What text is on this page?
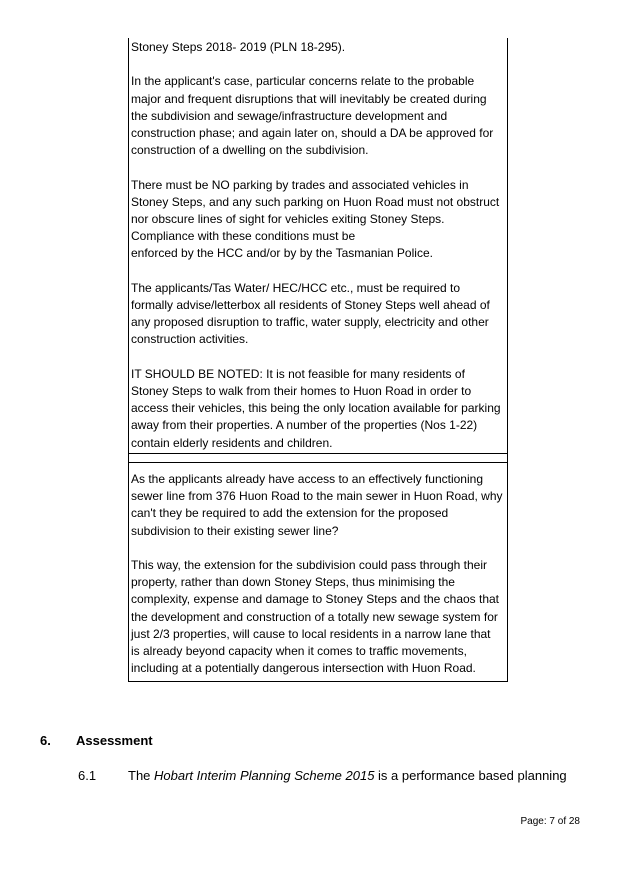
Stoney Steps 2018- 2019 (PLN 18-295).
In the applicant's case, particular concerns relate to the probable
major and frequent disruptions that will inevitably be created during
the subdivision and sewage/infrastructure development and
construction phase; and again later on, should a DA be approved for
construction of a dwelling on the subdivision.
There must be NO parking by trades and associated vehicles in
Stoney Steps, and any such parking on Huon Road must not obstruct
nor obscure lines of sight for vehicles exiting Stoney Steps.
Compliance with these conditions must be
enforced by the HCC and/or by by the Tasmanian Police.
The applicants/Tas Water/ HEC/HCC etc., must be required to
formally advise/letterbox all residents of Stoney Steps well ahead of
any proposed disruption to traffic, water supply, electricity and other
construction activities.
IT SHOULD BE NOTED: It is not feasible for many residents of
Stoney Steps to walk from their homes to Huon Road in order to
access their vehicles, this being the only location available for parking
away from their properties. A number of the properties (Nos 1-22)
contain elderly residents and children.
As the applicants already have access to an effectively functioning
sewer line from 376 Huon Road to the main sewer in Huon Road, why
can't they be required to add the extension for the proposed
subdivision to their existing sewer line?
This way, the extension for the subdivision could pass through their
property, rather than down Stoney Steps, thus minimising the
complexity, expense and damage to Stoney Steps and the chaos that
the development and construction of a totally new sewage system for
just 2/3 properties, will cause to local residents in a narrow lane that
is already beyond capacity when it comes to traffic movements,
including at a potentially dangerous intersection with Huon Road.
6. Assessment
6.1 The Hobart Interim Planning Scheme 2015 is a performance based planning
Page: 7 of 28
